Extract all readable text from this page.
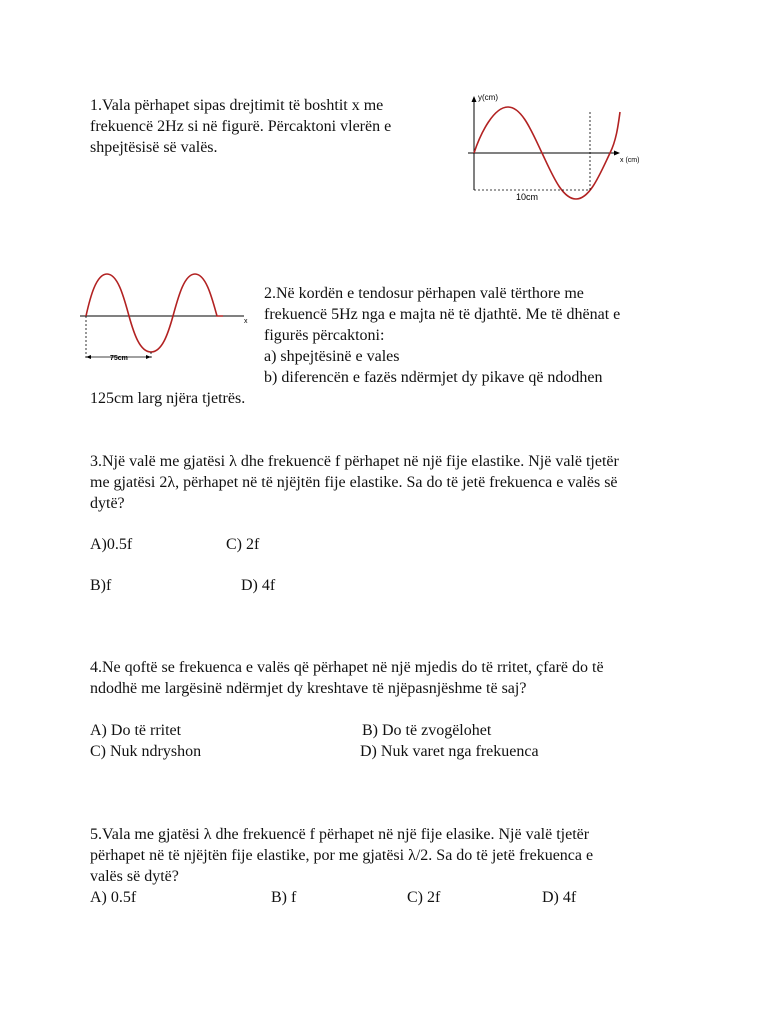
1.Vala përhapet sipas drejtimit të boshtit x me
frekuencë 2Hz si në figurë. Përcaktoni vlerën e
shpejtësisë së valës.
y(cm)
x (cm)
10cm
x
75cm
2.Në kordën e tendosur përhapen valë tërthore me
frekuencë 5Hz nga e majta në të djathtë. Me të dhënat e
figurës përcaktoni:
a) shpejtësinë e vales
b) diferencën e fazës ndërmjet dy pikave që ndodhen
125cm larg njëra tjetrës.
3.Një valë me gjatësi λ dhe frekuencë f përhapet në një fije elastike. Një valë tjetër
me gjatësi 2λ, përhapet në të njëjtën fije elastike. Sa do të jetë frekuenca e valës së
dytë?
A)0.5f	C) 2f
B)f	D) 4f
4.Ne qoftë se frekuenca e valës që përhapet në një mjedis do të rritet, çfarë do të
ndodhë me largësinë ndërmjet dy kreshtave të njëpasnjëshme të saj?
A) Do të rritet	B) Do të zvogëlohet
C) Nuk ndryshon	D) Nuk varet nga frekuenca
5.Vala me gjatësi λ dhe frekuencë f përhapet në një fije elasike. Një valë tjetër
përhapet në të njëjtën fije elastike, por me gjatësi λ/2. Sa do të jetë frekuenca e
valës së dytë?
A) 0.5f	B) f	C) 2f	D) 4f
